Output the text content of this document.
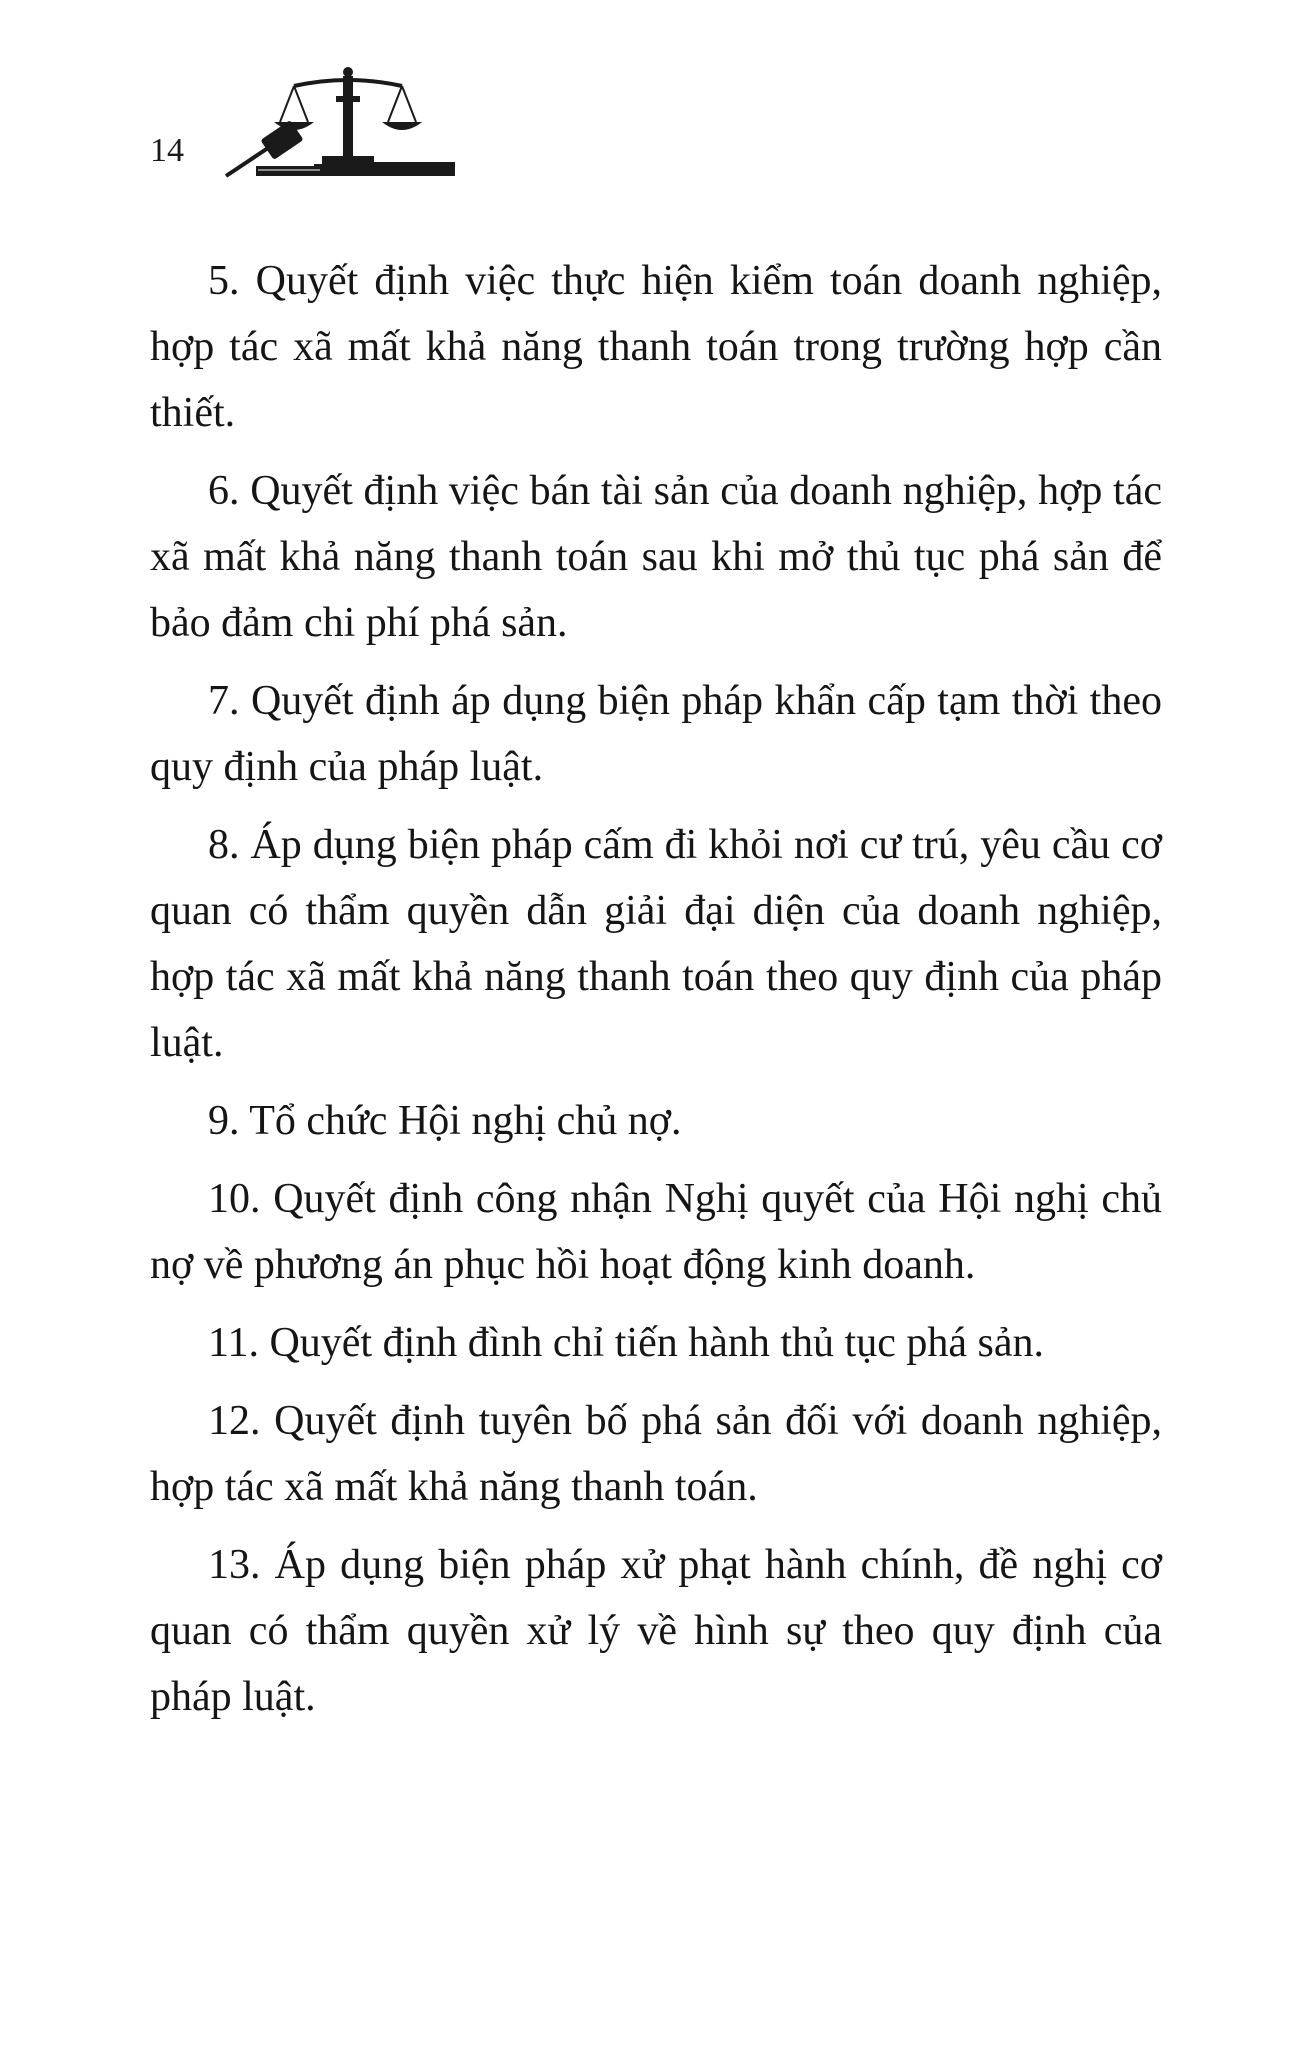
14

5. Quyết định việc thực hiện kiểm toán doanh nghiệp, hợp tác xã mất khả năng thanh toán trong trường hợp cần thiết.

6. Quyết định việc bán tài sản của doanh nghiệp, hợp tác xã mất khả năng thanh toán sau khi mở thủ tục phá sản để bảo đảm chi phí phá sản.

7. Quyết định áp dụng biện pháp khẩn cấp tạm thời theo quy định của pháp luật.

8. Áp dụng biện pháp cấm đi khỏi nơi cư trú, yêu cầu cơ quan có thẩm quyền dẫn giải đại diện của doanh nghiệp, hợp tác xã mất khả năng thanh toán theo quy định của pháp luật.

9. Tổ chức Hội nghị chủ nợ.

10. Quyết định công nhận Nghị quyết của Hội nghị chủ nợ về phương án phục hồi hoạt động kinh doanh.

11. Quyết định đình chỉ tiến hành thủ tục phá sản.

12. Quyết định tuyên bố phá sản đối với doanh nghiệp, hợp tác xã mất khả năng thanh toán.

13. Áp dụng biện pháp xử phạt hành chính, đề nghị cơ quan có thẩm quyền xử lý về hình sự theo quy định của pháp luật.
